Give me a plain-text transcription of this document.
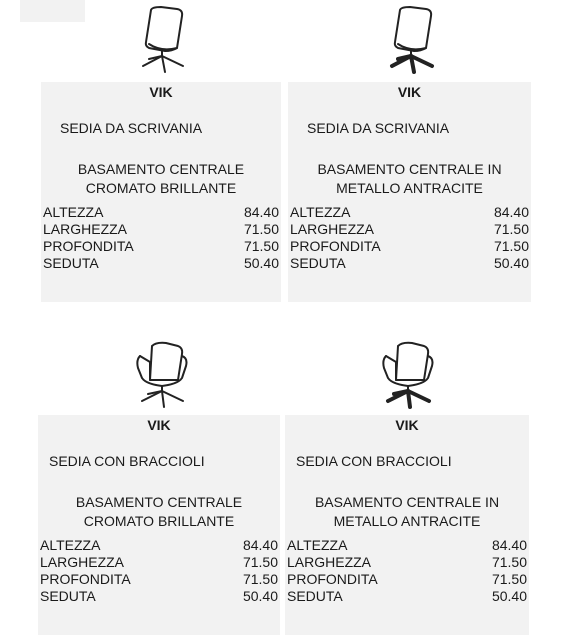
VIK
SEDIA DA SCRIVANIA
BASAMENTO CENTRALE
CROMATO BRILLANTE
ALTEZZA	84.40
LARGHEZZA	71.50
PROFONDITA	71.50
SEDUTA	50.40
VIK
SEDIA DA SCRIVANIA
BASAMENTO CENTRALE IN
METALLO ANTRACITE
ALTEZZA	84.40
LARGHEZZA	71.50
PROFONDITA	71.50
SEDUTA	50.40
VIK
SEDIA CON BRACCIOLI
BASAMENTO CENTRALE
CROMATO BRILLANTE
ALTEZZA	84.40
LARGHEZZA	71.50
PROFONDITA	71.50
SEDUTA	50.40
VIK
SEDIA CON BRACCIOLI
BASAMENTO CENTRALE IN
METALLO ANTRACITE
ALTEZZA	84.40
LARGHEZZA	71.50
PROFONDITA	71.50
SEDUTA	50.40
